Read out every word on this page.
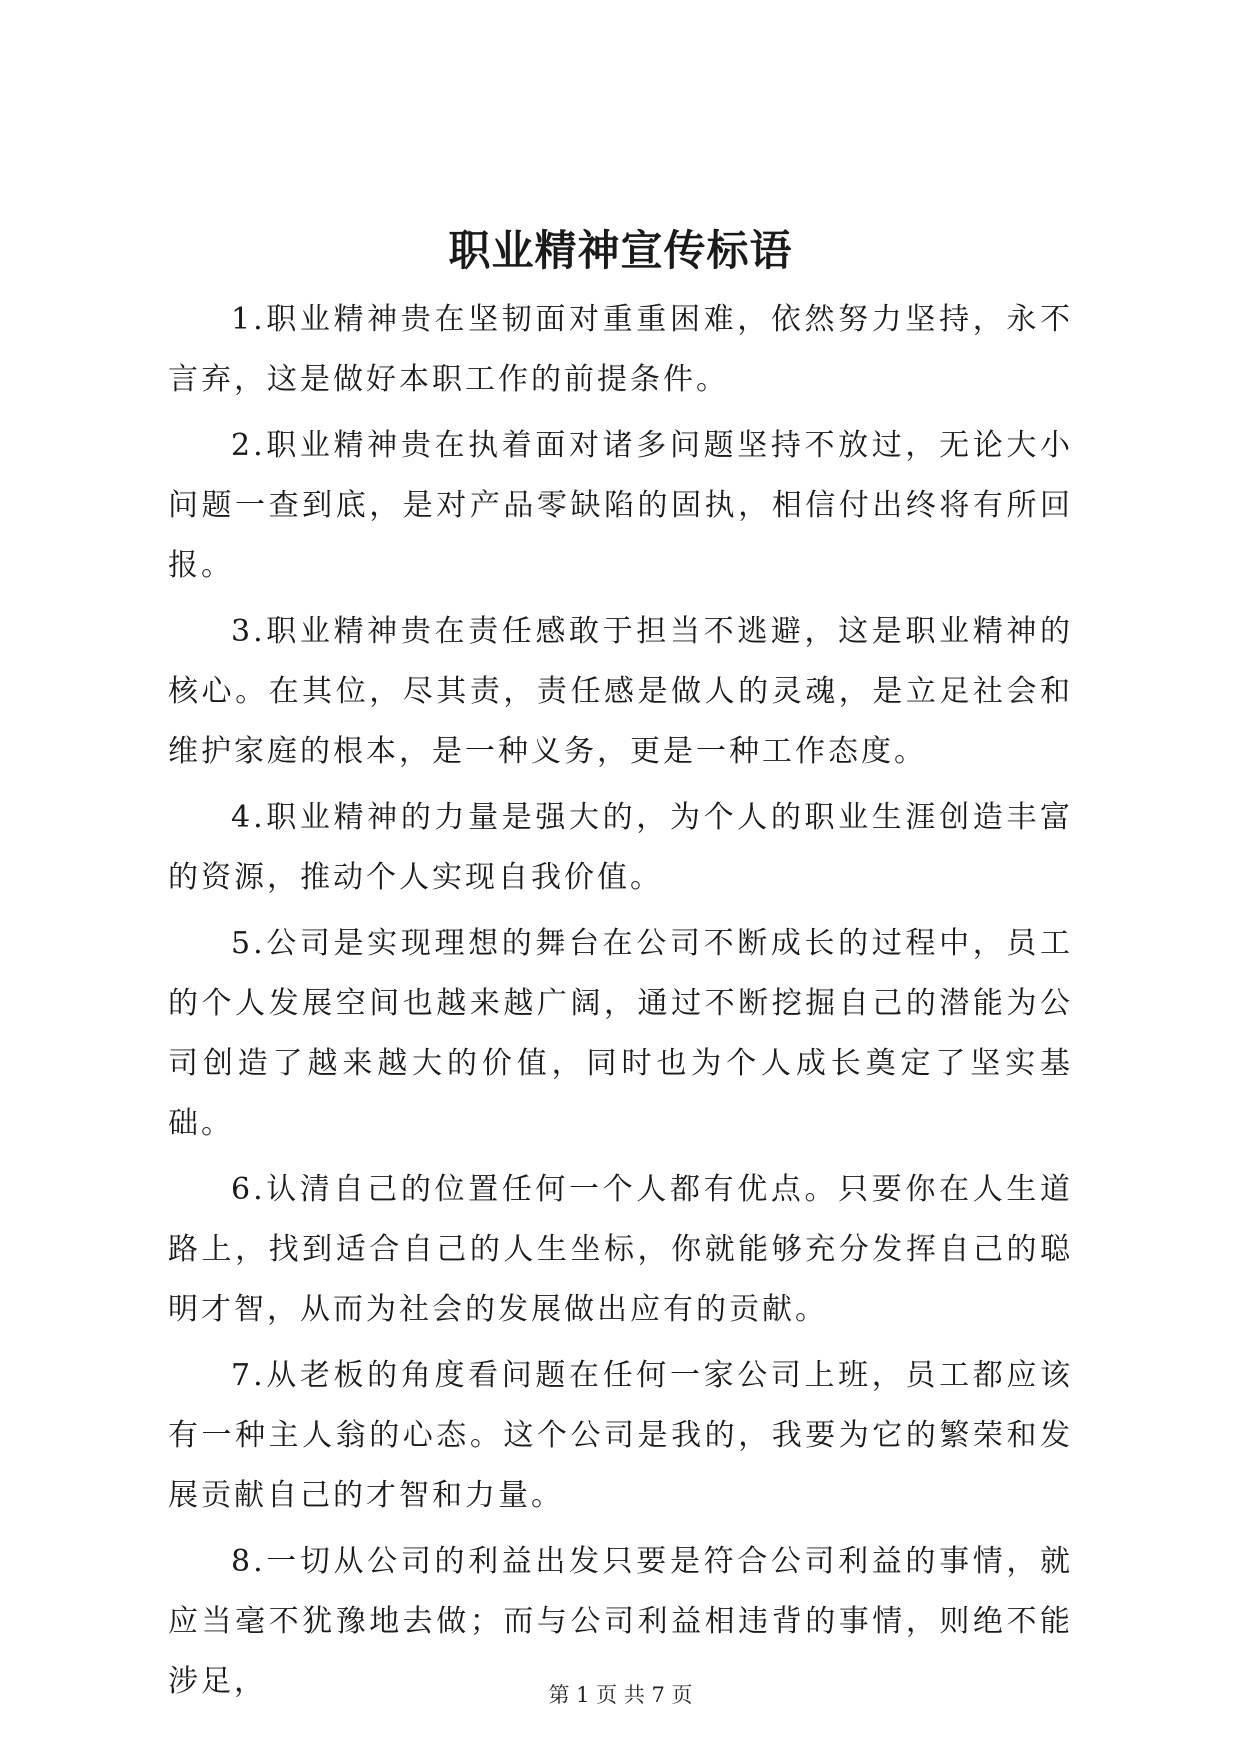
职业精神宣传标语

1.职业精神贵在坚韧面对重重困难，依然努力坚持，永不言弃，这是做好本职工作的前提条件。

2.职业精神贵在执着面对诸多问题坚持不放过，无论大小问题一查到底，是对产品零缺陷的固执，相信付出终将有所回报。

3.职业精神贵在责任感敢于担当不逃避，这是职业精神的核心。在其位，尽其责，责任感是做人的灵魂，是立足社会和维护家庭的根本，是一种义务，更是一种工作态度。

4.职业精神的力量是强大的，为个人的职业生涯创造丰富的资源，推动个人实现自我价值。

5.公司是实现理想的舞台在公司不断成长的过程中，员工的个人发展空间也越来越广阔，通过不断挖掘自己的潜能为公司创造了越来越大的价值，同时也为个人成长奠定了坚实基础。

6.认清自己的位置任何一个人都有优点。只要你在人生道路上，找到适合自己的人生坐标，你就能够充分发挥自己的聪明才智，从而为社会的发展做出应有的贡献。

7.从老板的角度看问题在任何一家公司上班，员工都应该有一种主人翁的心态。这个公司是我的，我要为它的繁荣和发展贡献自己的才智和力量。

8.一切从公司的利益出发只要是符合公司利益的事情，就应当毫不犹豫地去做；而与公司利益相违背的事情，则绝不能涉足，	第 1 页 共 7 页
